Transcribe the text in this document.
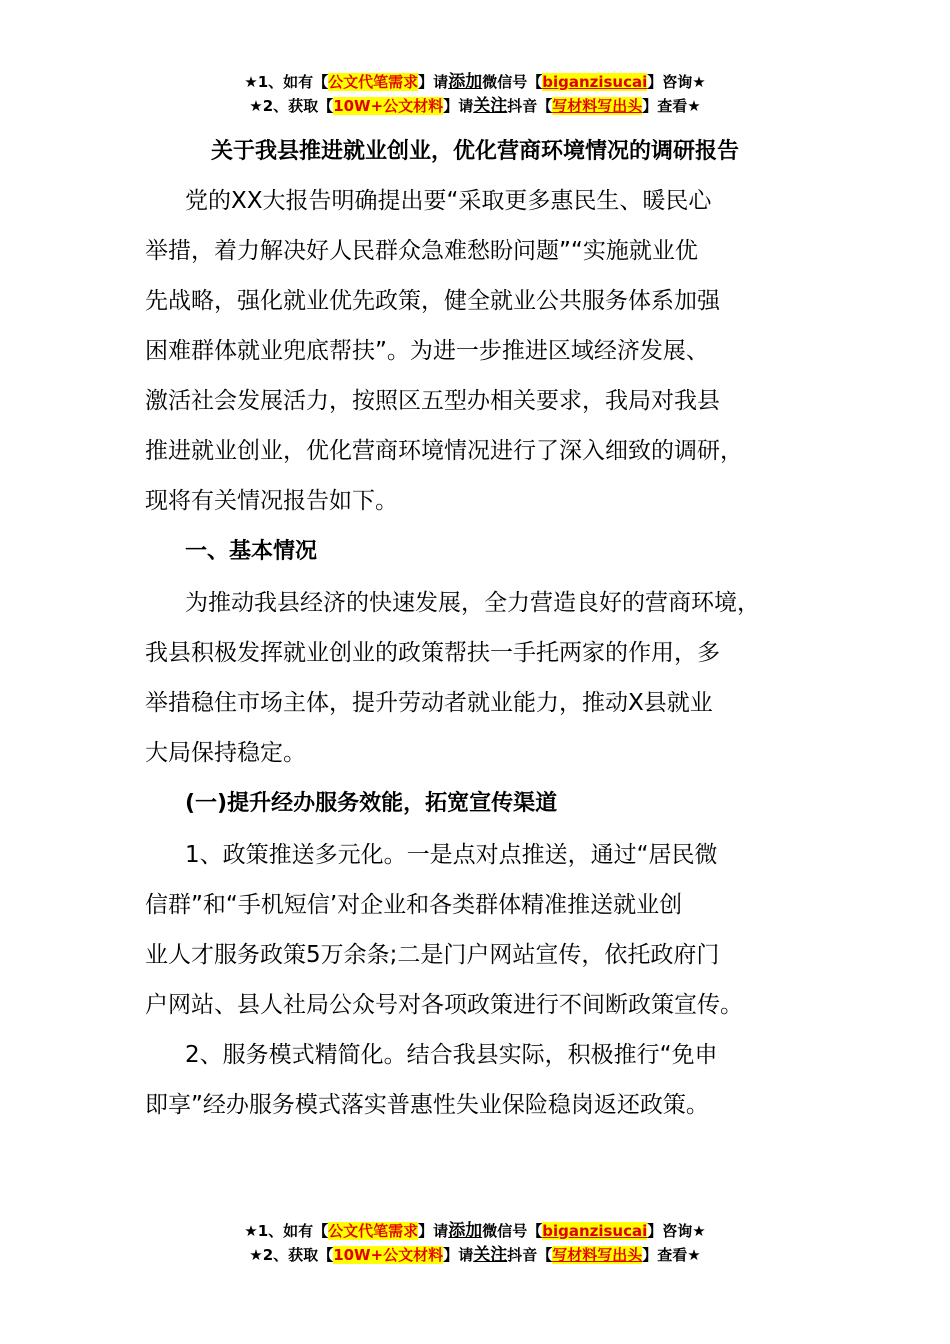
★1、如有【公文代笔需求】请添加微信号【biganzisucai】咨询★
★2、获取【10W+公文材料】请关注抖音【写材料写出头】查看★
关于我县推进就业创业，优化营商环境情况的调研报告
党的XX大报告明确提出要“采取更多惠民生、暖民心
举措，着力解决好人民群众急难愁盼问题”“实施就业优
先战略，强化就业优先政策，健全就业公共服务体系加强
困难群体就业兜底帮扶”。为进一步推进区域经济发展、
激活社会发展活力，按照区五型办相关要求，我局对我县
推进就业创业，优化营商环境情况进行了深入细致的调研，
现将有关情况报告如下。
一、基本情况
为推动我县经济的快速发展，全力营造良好的营商环境，
我县积极发挥就业创业的政策帮扶一手托两家的作用，多
举措稳住市场主体，提升劳动者就业能力，推动X县就业
大局保持稳定。
(一)提升经办服务效能，拓宽宣传渠道
1、政策推送多元化。一是点对点推送，通过“居民微
信群”和“手机短信’对企业和各类群体精准推送就业创
业人才服务政策5万余条;二是门户网站宣传，依托政府门
户网站、县人社局公众号对各项政策进行不间断政策宣传。
2、服务模式精简化。结合我县实际，积极推行“免申
即享”经办服务模式落实普惠性失业保险稳岗返还政策。
★1、如有【公文代笔需求】请添加微信号【biganzisucai】咨询★
★2、获取【10W+公文材料】请关注抖音【写材料写出头】查看★
